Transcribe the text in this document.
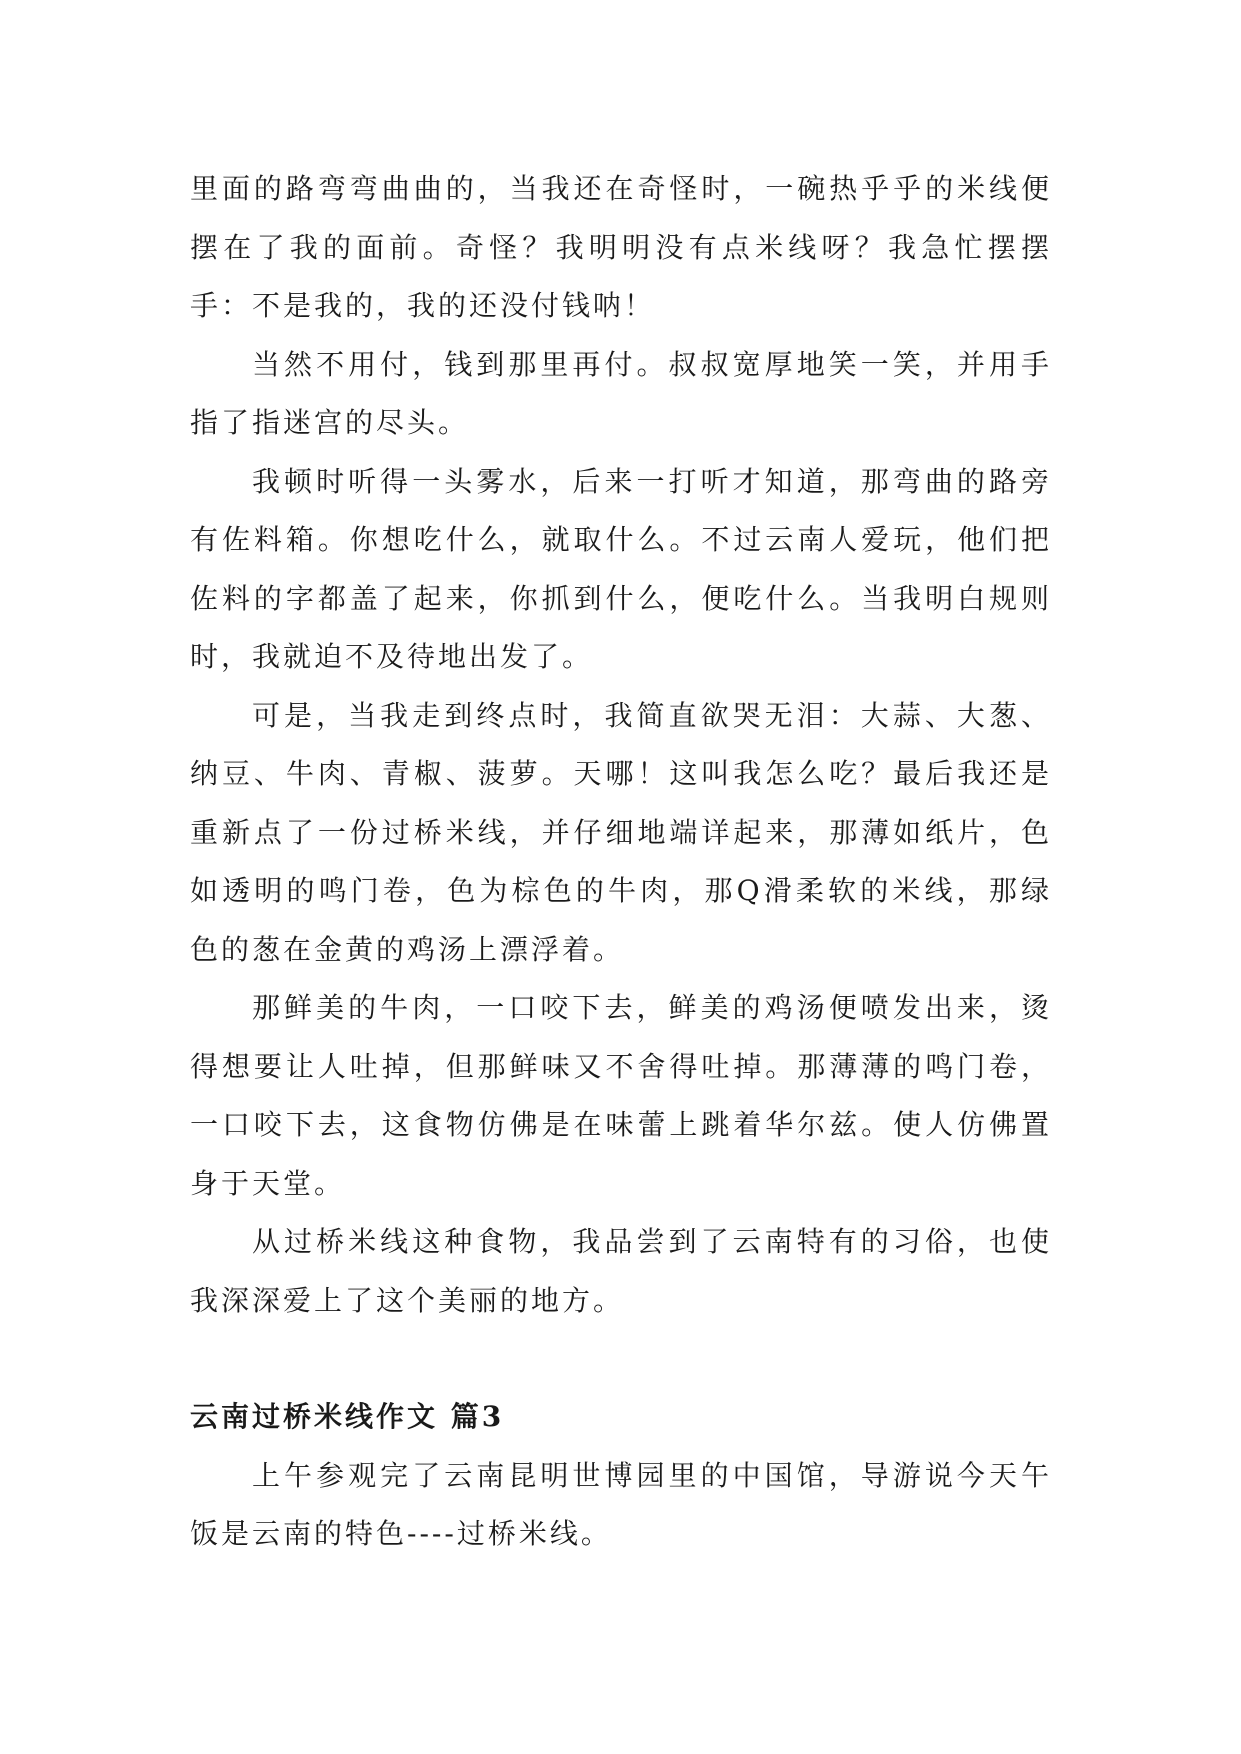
里面的路弯弯曲曲的，当我还在奇怪时，一碗热乎乎的米线便摆在了我的面前。奇怪？我明明没有点米线呀？我急忙摆摆手：不是我的，我的还没付钱呐！

当然不用付，钱到那里再付。叔叔宽厚地笑一笑，并用手指了指迷宫的尽头。

我顿时听得一头雾水，后来一打听才知道，那弯曲的路旁有佐料箱。你想吃什么，就取什么。不过云南人爱玩，他们把佐料的字都盖了起来，你抓到什么，便吃什么。当我明白规则时，我就迫不及待地出发了。

可是，当我走到终点时，我简直欲哭无泪：大蒜、大葱、纳豆、牛肉、青椒、菠萝。天哪！这叫我怎么吃？最后我还是重新点了一份过桥米线，并仔细地端详起来，那薄如纸片，色如透明的鸣门卷，色为棕色的牛肉，那Q滑柔软的米线，那绿色的葱在金黄的鸡汤上漂浮着。

那鲜美的牛肉，一口咬下去，鲜美的鸡汤便喷发出来，烫得想要让人吐掉，但那鲜味又不舍得吐掉。那薄薄的鸣门卷，一口咬下去，这食物仿佛是在味蕾上跳着华尔兹。使人仿佛置身于天堂。

从过桥米线这种食物，我品尝到了云南特有的习俗，也使我深深爱上了这个美丽的地方。

云南过桥米线作文 篇3

上午参观完了云南昆明世博园里的中国馆，导游说今天午饭是云南的特色----过桥米线。
